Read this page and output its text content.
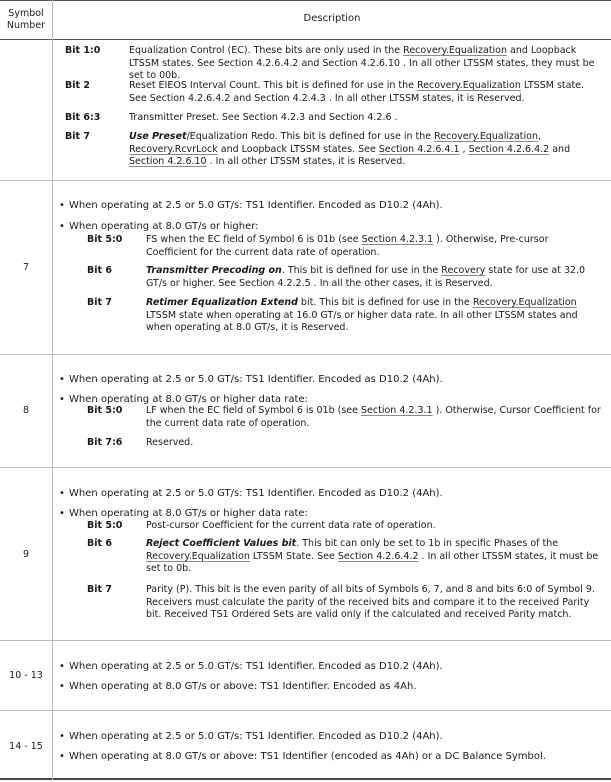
Symbol
Number
Description
Bit 1:0	Equalization Control (EC). These bits are only used in the Recovery.Equalization and Loopback LTSSM states. See Section 4.2.6.4.2 and Section 4.2.6.10 . In all other LTSSM states, they must be set to 00b.
Bit 2	Reset EIEOS Interval Count. This bit is defined for use in the Recovery.Equalization LTSSM state. See Section 4.2.6.4.2 and Section 4.2.4.3 . In all other LTSSM states, it is Reserved.
Bit 6:3	Transmitter Preset. See Section 4.2.3 and Section 4.2.6 .
Bit 7	Use Preset/Equalization Redo. This bit is defined for use in the Recovery.Equalization, Recovery.RcvrLock and Loopback LTSSM states. See Section 4.2.6.4.1 , Section 4.2.6.4.2 and Section 4.2.6.10 . In all other LTSSM states, it is Reserved.
7
• When operating at 2.5 or 5.0 GT/s: TS1 Identifier. Encoded as D10.2 (4Ah).
• When operating at 8.0 GT/s or higher:
Bit 5:0 FS when the EC field of Symbol 6 is 01b (see Section 4.2.3.1 ). Otherwise, Pre-cursor Coefficient for the current data rate of operation.
Bit 6	Transmitter Precoding on. This bit is defined for use in the Recovery state for use at 32.0 GT/s or higher. See Section 4.2.2.5 . In all the other cases, it is Reserved.
Bit 7	Retimer Equalization Extend bit. This bit is defined for use in the Recovery.Equalization LTSSM state when operating at 16.0 GT/s or higher data rate. In all other LTSSM states and when operating at 8.0 GT/s, it is Reserved.
8
• When operating at 2.5 or 5.0 GT/s: TS1 Identifier. Encoded as D10.2 (4Ah).
• When operating at 8.0 GT/s or higher data rate:
Bit 5:0 LF when the EC field of Symbol 6 is 01b (see Section 4.2.3.1 ). Otherwise, Cursor Coefficient for the current data rate of operation.
Bit 7:6 Reserved.
9
• When operating at 2.5 or 5.0 GT/s: TS1 Identifier. Encoded as D10.2 (4Ah).
• When operating at 8.0 GT/s or higher data rate:
Bit 5:0 Post-cursor Coefficient for the current data rate of operation.
Bit 6	Reject Coefficient Values bit. This bit can only be set to 1b in specific Phases of the Recovery.Equalization LTSSM State. See Section 4.2.6.4.2 . In all other LTSSM states, it must be set to 0b.
Bit 7	Parity (P). This bit is the even parity of all bits of Symbols 6, 7, and 8 and bits 6:0 of Symbol 9. Receivers must calculate the parity of the received bits and compare it to the received Parity bit. Received TS1 Ordered Sets are valid only if the calculated and received Parity match.
10 - 13
• When operating at 2.5 or 5.0 GT/s: TS1 Identifier. Encoded as D10.2 (4Ah).
• When operating at 8.0 GT/s or above: TS1 Identifier. Encoded as 4Ah.
14 - 15
• When operating at 2.5 or 5.0 GT/s: TS1 Identifier. Encoded as D10.2 (4Ah).
• When operating at 8.0 GT/s or above: TS1 Identifier (encoded as 4Ah) or a DC Balance Symbol.
